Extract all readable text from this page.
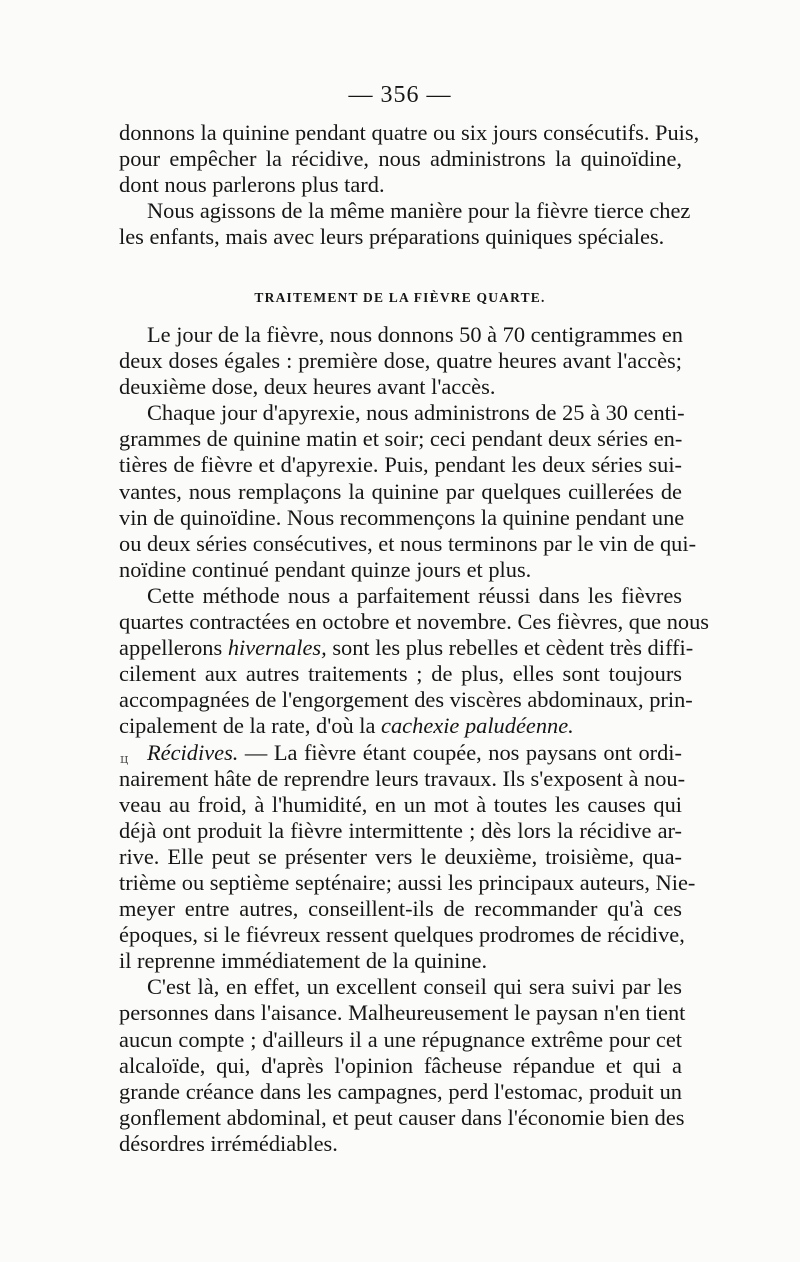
— 356 —
donnons la quinine pendant quatre ou six jours consécutifs. Puis,
pour empêcher la récidive, nous administrons la quinoïdine,
dont nous parlerons plus tard.
Nous agissons de la même manière pour la fièvre tierce chez
les enfants, mais avec leurs préparations quiniques spéciales.
TRAITEMENT DE LA FIÈVRE QUARTE.
Le jour de la fièvre, nous donnons 50 à 70 centigrammes en
deux doses égales : première dose, quatre heures avant l'accès;
deuxième dose, deux heures avant l'accès.
Chaque jour d'apyrexie, nous administrons de 25 à 30 centi-
grammes de quinine matin et soir; ceci pendant deux séries en-
tières de fièvre et d'apyrexie. Puis, pendant les deux séries sui-
vantes, nous remplaçons la quinine par quelques cuillerées de
vin de quinoïdine. Nous recommençons la quinine pendant une
ou deux séries consécutives, et nous terminons par le vin de qui-
noïdine continué pendant quinze jours et plus.
Cette méthode nous a parfaitement réussi dans les fièvres
quartes contractées en octobre et novembre. Ces fièvres, que nous
appellerons hivernales, sont les plus rebelles et cèdent très diffi-
cilement aux autres traitements ; de plus, elles sont toujours
accompagnées de l'engorgement des viscères abdominaux, prin-
cipalement de la rate, d'où la cachexie paludéenne.
Récidives. — La fièvre étant coupée, nos paysans ont ordi-
nairement hâte de reprendre leurs travaux. Ils s'exposent à nou-
veau au froid, à l'humidité, en un mot à toutes les causes qui
déjà ont produit la fièvre intermittente ; dès lors la récidive ar-
rive. Elle peut se présenter vers le deuxième, troisième, qua-
trième ou septième septénaire; aussi les principaux auteurs, Nie-
meyer entre autres, conseillent-ils de recommander qu'à ces
époques, si le fiévreux ressent quelques prodromes de récidive,
il reprenne immédiatement de la quinine.
C'est là, en effet, un excellent conseil qui sera suivi par les
personnes dans l'aisance. Malheureusement le paysan n'en tient
aucun compte ; d'ailleurs il a une répugnance extrême pour cet
alcaloïde, qui, d'après l'opinion fâcheuse répandue et qui a
grande créance dans les campagnes, perd l'estomac, produit un
gonflement abdominal, et peut causer dans l'économie bien des
désordres irrémédiables.
ц
